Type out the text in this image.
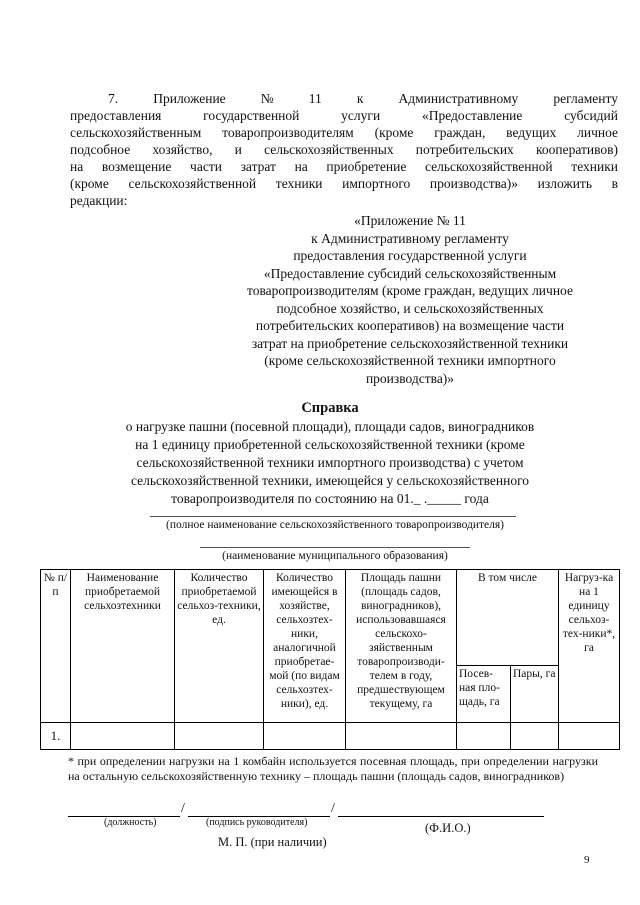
7.	Приложение	№	11	к	Административному	регламенту
предоставления государственной услуги «Предоставление субсидий
сельскохозяйственным товаропроизводителям (кроме граждан, ведущих личное
подсобное хозяйство, и сельскохозяйственных потребительских кооперативов)
на возмещение части затрат на приобретение сельскохозяйственной техники
(кроме сельскохозяйственной техники импортного производства)» изложить в
редакции:
«Приложение № 11
к Административному регламенту
предоставления государственной услуги
«Предоставление субсидий сельскохозяйственным
товаропроизводителям (кроме граждан, ведущих личное
подсобное хозяйство, и сельскохозяйственных
потребительских кооперативов) на возмещение части
затрат на приобретение сельскохозяйственной техники
(кроме сельскохозяйственной техники импортного
производства)»
Справка
о нагрузке пашни (посевной площади), площади садов, виноградников
на 1 единицу приобретенной сельскохозяйственной техники (кроме
сельскохозяйственной техники импортного производства) с учетом
сельскохозяйственной техники, имеющейся у сельскохозяйственного
товаропроизводителя по состоянию на 01._ ._____ года
(полное наименование сельскохозяйственного товаропроизводителя)
(наименование муниципального образования)
№ п/п	Наименование приобретаемой сельхозтехники	Количество приобретаемой сельхоз-техники, ед.	Количество имеющейся в хозяйстве, сельхозтех-ники, аналогичной приобретае-мой (по видам сельхозтех-ники), ед.	Площадь пашни (площадь садов, виноградников), использовавшаяся сельскохо-зяйственным товаропроизводи-телем в году, предшествующем текущему, га	В том числе		Нагруз-ка на 1 единицу сельхоз-тех-ники*, га
					Посев-ная пло-щадь, га	Пары, га	
1.							
* при определении нагрузки на 1 комбайн используется посевная площадь, при определении нагрузки на остальную сельскохозяйственную технику – площадь пашни (площадь садов, виноградников)
/	/
(должность)	(подпись руководителя)	(Ф.И.О.)
М. П. (при наличии)
9
